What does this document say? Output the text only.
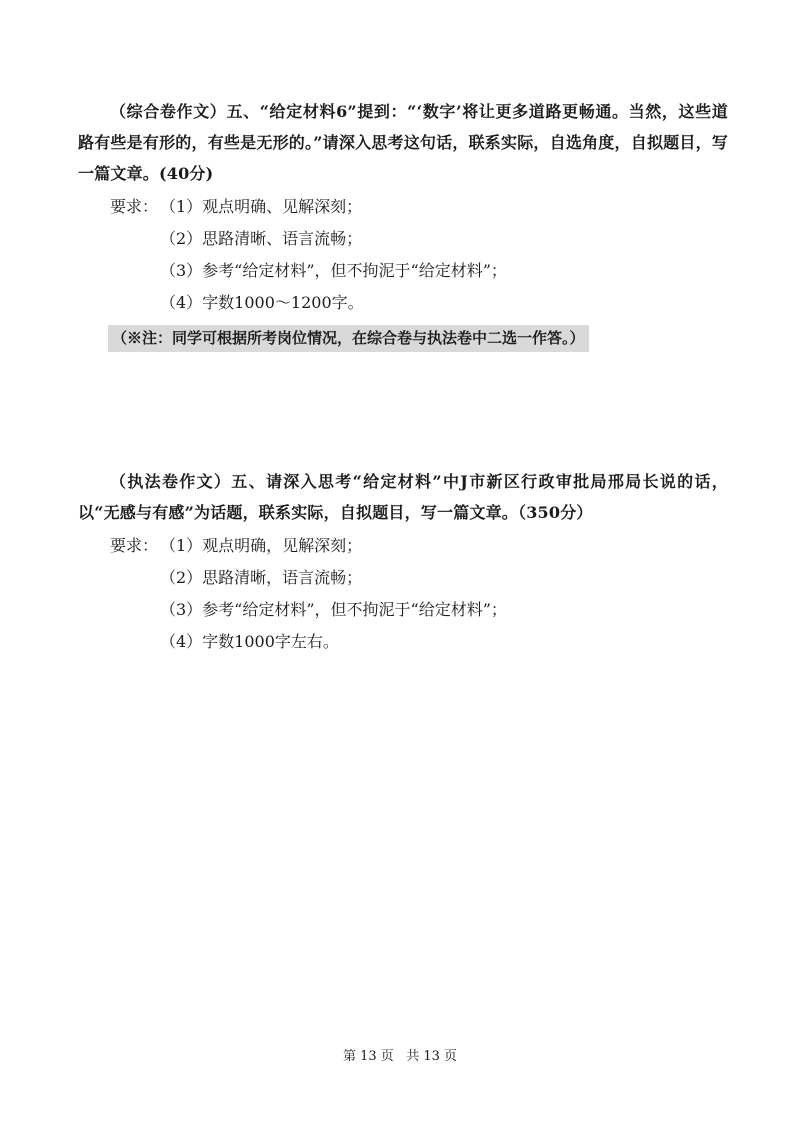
（综合卷作文）五、“给定材料6”提到：“‘数字’将让更多道路更畅通。当然，这些道路有些是有形的，有些是无形的。”请深入思考这句话，联系实际，自选角度，自拟题目，写一篇文章。(40分)

要求： （1）观点明确、见解深刻；
（2）思路清晰、语言流畅；
（3）参考“给定材料”，但不拘泥于“给定材料”；
（4）字数1000～1200字。
（※注：同学可根据所考岗位情况，在综合卷与执法卷中二选一作答。）

（执法卷作文）五、请深入思考“给定材料”中J市新区行政审批局邢局长说的话，以“无感与有感”为话题，联系实际，自拟题目，写一篇文章。（350分）

要求： （1）观点明确，见解深刻；
（2）思路清晰，语言流畅；
（3）参考“给定材料”，但不拘泥于“给定材料”；
（4）字数1000字左右。
第 13 页   共 13 页
